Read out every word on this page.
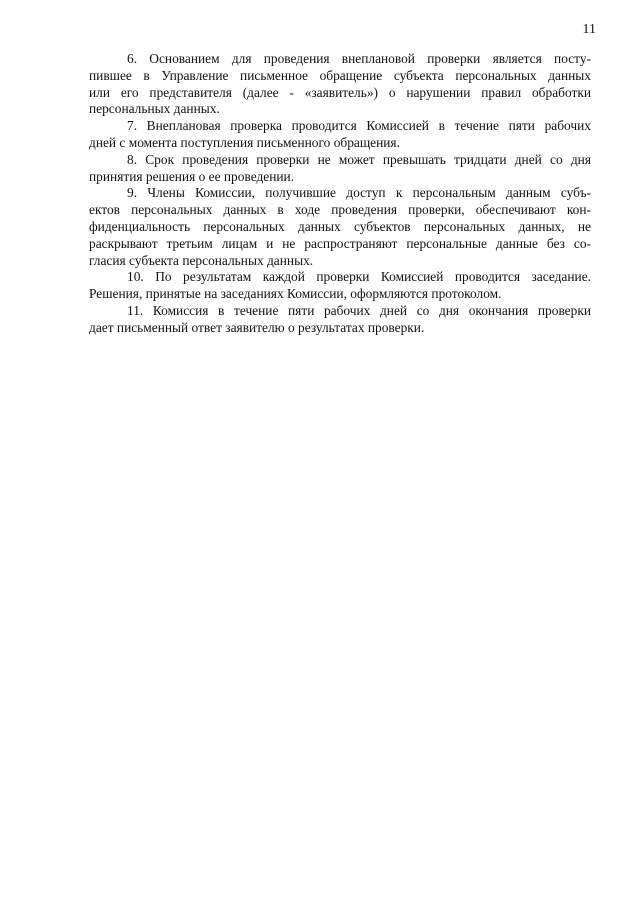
11

6. Основанием для проведения внеплановой проверки является посту-
пившее в Управление письменное обращение субъекта персональных данных
или его представителя (далее - «заявитель») о нарушении правил обработки
персональных данных.

7. Внеплановая проверка проводится Комиссией в течение пяти рабочих
дней с момента поступления письменного обращения.

8. Срок проведения проверки не может превышать тридцати дней со дня
принятия решения о ее проведении.

9. Члены Комиссии, получившие доступ к персональным данным субъ-
ектов персональных данных в ходе проведения проверки, обеспечивают кон-
фиденциальность персональных данных субъектов персональных данных, не
раскрывают третьим лицам и не распространяют персональные данные без со-
гласия субъекта персональных данных.

10. По результатам каждой проверки Комиссией проводится заседание.
Решения, принятые на заседаниях Комиссии, оформляются протоколом.

11. Комиссия в течение пяти рабочих дней со дня окончания проверки
дает письменный ответ заявителю о результатах проверки.
